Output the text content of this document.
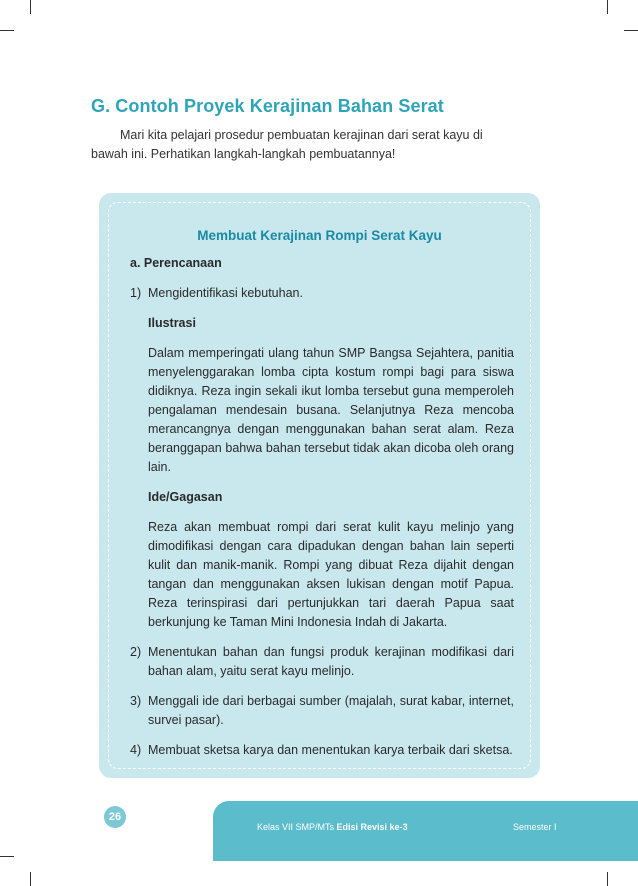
G. Contoh Proyek Kerajinan Bahan Serat
Mari kita pelajari prosedur pembuatan kerajinan dari serat kayu di
bawah ini. Perhatikan langkah-langkah pembuatannya!
Membuat Kerajinan Rompi Serat Kayu
a. Perencanaan
1) Mengidentifikasi kebutuhan.
Ilustrasi
Dalam memperingati ulang tahun SMP Bangsa Sejahtera, panitia menyelenggarakan lomba cipta kostum rompi bagi para siswa didiknya. Reza ingin sekali ikut lomba tersebut guna memperoleh pengalaman mendesain busana. Selanjutnya Reza mencoba merancangnya dengan menggunakan bahan serat alam. Reza beranggapan bahwa bahan tersebut tidak akan dicoba oleh orang lain.
Ide/Gagasan
Reza akan membuat rompi dari serat kulit kayu melinjo yang dimodifikasi dengan cara dipadukan dengan bahan lain seperti kulit dan manik-manik. Rompi yang dibuat Reza dijahit dengan tangan dan menggunakan aksen lukisan dengan motif Papua. Reza terinspirasi dari pertunjukkan tari daerah Papua saat berkunjung ke Taman Mini Indonesia Indah di Jakarta.
2) Menentukan bahan dan fungsi produk kerajinan modifikasi dari bahan alam, yaitu serat kayu melinjo.
3) Menggali ide dari berbagai sumber (majalah, surat kabar, internet, survei pasar).
4) Membuat sketsa karya dan menentukan karya terbaik dari sketsa.
26
Kelas VII SMP/MTs Edisi Revisi ke-3	Semester I
